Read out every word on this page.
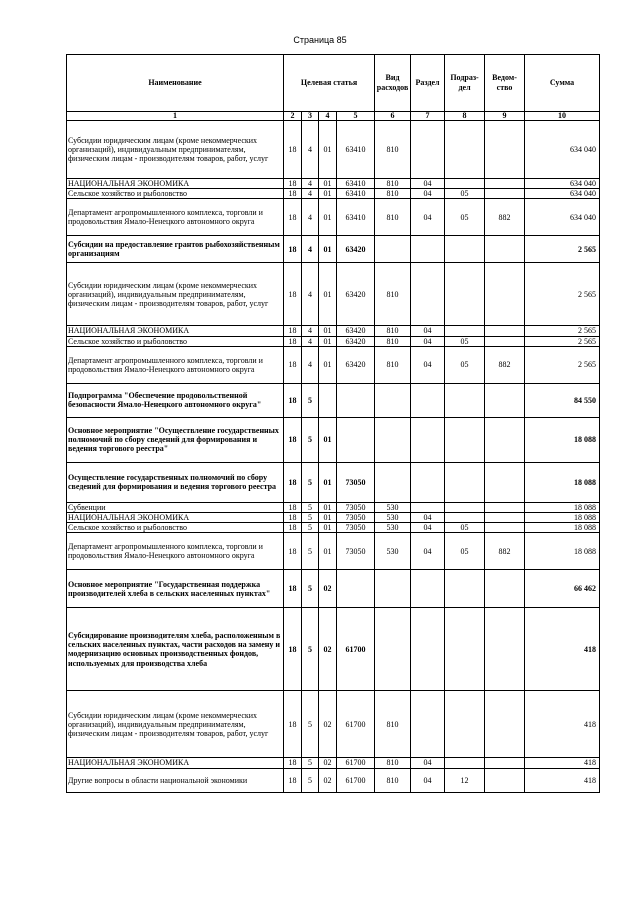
Страница 85
Наименование	Целевая статья				Вид расходов	Раздел	Подраз-дел	Ведом-ство	Сумма
1	2	3	4	5	6	7	8	9	10
Субсидии юридическим лицам (кроме некоммерческих организаций), индивидуальным предпринимателям, физическим лицам - производителям товаров, работ, услуг	18	4	01	63410	810				634 040
НАЦИОНАЛЬНАЯ ЭКОНОМИКА	18	4	01	63410	810	04			634 040
Сельское хозяйство и рыболовство	18	4	01	63410	810	04	05		634 040
Департамент агропромышленного комплекса, торговли и продовольствия Ямало-Ненецкого автономного округа	18	4	01	63410	810	04	05	882	634 040
Субсидии на предоставление грантов рыбохозяйственным организациям	18	4	01	63420					2 565
Субсидии юридическим лицам (кроме некоммерческих организаций), индивидуальным предпринимателям, физическим лицам - производителям товаров, работ, услуг	18	4	01	63420	810				2 565
НАЦИОНАЛЬНАЯ ЭКОНОМИКА	18	4	01	63420	810	04			2 565
Сельское хозяйство и рыболовство	18	4	01	63420	810	04	05		2 565
Департамент агропромышленного комплекса, торговли и продовольствия Ямало-Ненецкого автономного округа	18	4	01	63420	810	04	05	882	2 565
Подпрограмма "Обеспечение продовольственной безопасности Ямало-Ненецкого автономного округа"	18	5							84 550
Основное мероприятие "Осуществление государственных полномочий по сбору сведений для формирования и ведения торгового реестра"	18	5	01						18 088
Осуществление государственных полномочий по сбору сведений для формирования и ведения торгового реестра	18	5	01	73050					18 088
Субвенции	18	5	01	73050	530				18 088
НАЦИОНАЛЬНАЯ ЭКОНОМИКА	18	5	01	73050	530	04			18 088
Сельское хозяйство и рыболовство	18	5	01	73050	530	04	05		18 088
Департамент агропромышленного комплекса, торговли и продовольствия Ямало-Ненецкого автономного округа	18	5	01	73050	530	04	05	882	18 088
Основное мероприятие "Государственная поддержка производителей хлеба в сельских населенных пунктах"	18	5	02						66 462
Субсидирование производителям хлеба, расположенным в сельских населенных пунктах, части расходов на замену и модернизацию основных производственных фондов, используемых для производства хлеба	18	5	02	61700					418
Субсидии юридическим лицам (кроме некоммерческих организаций), индивидуальным предпринимателям, физическим лицам - производителям товаров, работ, услуг	18	5	02	61700	810				418
НАЦИОНАЛЬНАЯ ЭКОНОМИКА	18	5	02	61700	810	04			418
Другие вопросы в области национальной экономики	18	5	02	61700	810	04	12		418
